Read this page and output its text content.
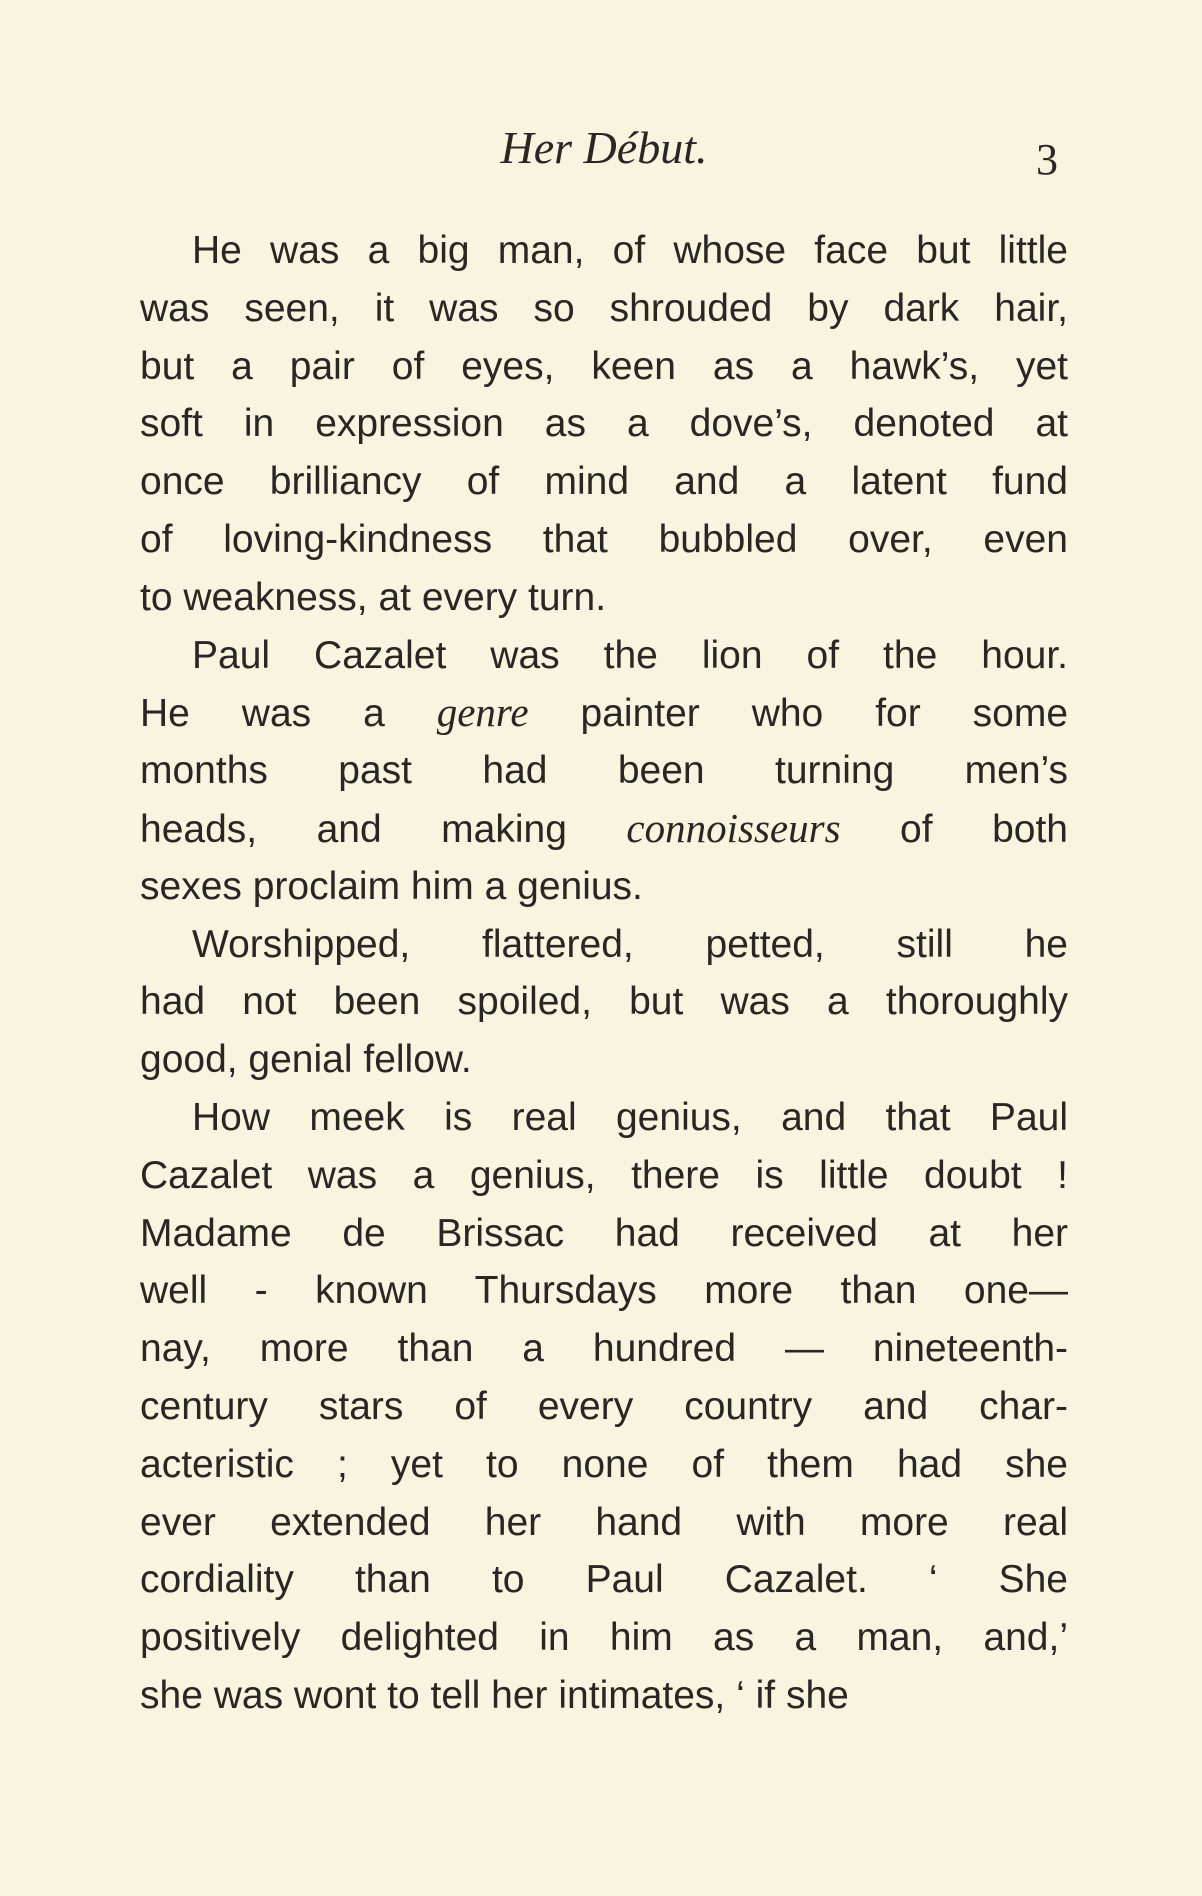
Her Début.	3
He was a big man, of whose face but little
was seen, it was so shrouded by dark hair,
but a pair of eyes, keen as a hawk’s, yet
soft in expression as a dove’s, denoted at
once brilliancy of mind and a latent fund
of loving-kindness that bubbled over, even
to weakness, at every turn.
Paul Cazalet was the lion of the hour.
He was a genre painter who for some
months past had been turning men’s
heads, and making connoisseurs of both
sexes proclaim him a genius.
Worshipped, flattered, petted, still he
had not been spoiled, but was a thoroughly
good, genial fellow.
How meek is real genius, and that Paul
Cazalet was a genius, there is little doubt !
Madame de Brissac had received at her
well - known Thursdays more than one—
nay, more than a hundred — nineteenth-
century stars of every country and char-
acteristic ; yet to none of them had she
ever extended her hand with more real
cordiality than to Paul Cazalet. ‘ She
positively delighted in him as a man, and,’
she was wont to tell her intimates, ‘ if she
